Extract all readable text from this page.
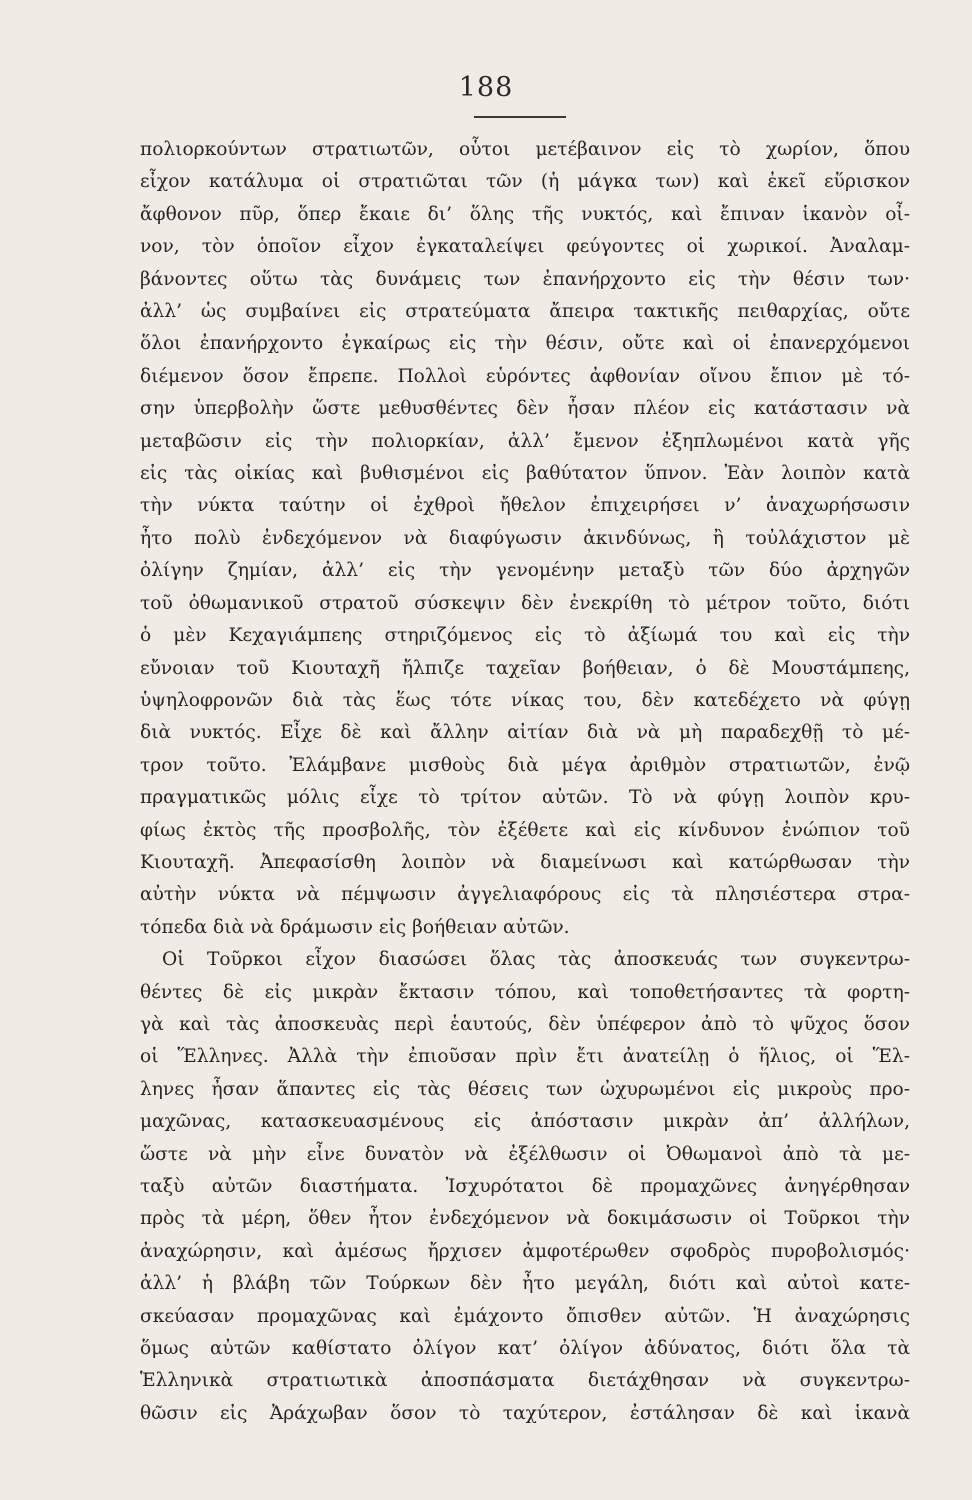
188
πολιορκούντων στρατιωτῶν, οὗτοι μετέβαινον εἰς τὸ χωρίον, ὅπου
εἶχον κατάλυμα οἱ στρατιῶται τῶν (ἡ μάγκα των) καὶ ἐκεῖ εὕρισκον
ἄφθονον πῦρ, ὅπερ ἔκαιε δι’ ὅλης τῆς νυκτός, καὶ ἔπιναν ἱκανὸν οἶ-
νον, τὸν ὁποῖον εἶχον ἐγκαταλείψει φεύγοντες οἱ χωρικοί. Ἀναλαμ-
βάνοντες οὕτω τὰς δυνάμεις των ἐπανήρχοντο εἰς τὴν θέσιν των·
ἀλλ’ ὡς συμβαίνει εἰς στρατεύματα ἄπειρα τακτικῆς πειθαρχίας, οὔτε
ὅλοι ἐπανήρχοντο ἐγκαίρως εἰς τὴν θέσιν, οὔτε καὶ οἱ ἐπανερχόμενοι
διέμενον ὅσον ἔπρεπε. Πολλοὶ εὑρόντες ἀφθονίαν οἴνου ἔπιον μὲ τό-
σην ὑπερβολὴν ὥστε μεθυσθέντες δὲν ἦσαν πλέον εἰς κατάστασιν νὰ
μεταβῶσιν εἰς τὴν πολιορκίαν, ἀλλ’ ἔμενον ἐξηπλωμένοι κατὰ γῆς
εἰς τὰς οἰκίας καὶ βυθισμένοι εἰς βαθύτατον ὕπνον. Ἐὰν λοιπὸν κατὰ
τὴν νύκτα ταύτην οἱ ἐχθροὶ ἤθελον ἐπιχειρήσει ν’ ἀναχωρήσωσιν
ἦτο πολὺ ἐνδεχόμενον νὰ διαφύγωσιν ἀκινδύνως, ἢ τοὐλάχιστον μὲ
ὀλίγην ζημίαν, ἀλλ’ εἰς τὴν γενομένην μεταξὺ τῶν δύο ἀρχηγῶν
τοῦ ὀθωμανικοῦ στρατοῦ σύσκεψιν δὲν ἐνεκρίθη τὸ μέτρον τοῦτο, διότι
ὁ μὲν Κεχαγιάμπεης στηριζόμενος εἰς τὸ ἀξίωμά του καὶ εἰς τὴν
εὔνοιαν τοῦ Κιουταχῆ ἤλπιζε ταχεῖαν βοήθειαν, ὁ δὲ Μουστάμπεης,
ὑψηλοφρονῶν διὰ τὰς ἕως τότε νίκας του, δὲν κατεδέχετο νὰ φύγῃ
διὰ νυκτός. Εἶχε δὲ καὶ ἄλλην αἰτίαν διὰ νὰ μὴ παραδεχθῇ τὸ μέ-
τρον τοῦτο. Ἐλάμβανε μισθοὺς διὰ μέγα ἀριθμὸν στρατιωτῶν, ἐνῷ
πραγματικῶς μόλις εἶχε τὸ τρίτον αὐτῶν. Τὸ νὰ φύγῃ λοιπὸν κρυ-
φίως ἐκτὸς τῆς προσβολῆς, τὸν ἐξέθετε καὶ εἰς κίνδυνον ἐνώπιον τοῦ
Κιουταχῆ. Ἀπεφασίσθη λοιπὸν νὰ διαμείνωσι καὶ κατώρθωσαν τὴν
αὐτὴν νύκτα νὰ πέμψωσιν ἀγγελιαφόρους εἰς τὰ πλησιέστερα στρα-
τόπεδα διὰ νὰ δράμωσιν εἰς βοήθειαν αὐτῶν.
Οἱ Τοῦρκοι εἶχον διασώσει ὅλας τὰς ἀποσκευάς των συγκεντρω-
θέντες δὲ εἰς μικρὰν ἔκτασιν τόπου, καὶ τοποθετήσαντες τὰ φορτη-
γὰ καὶ τὰς ἀποσκευὰς περὶ ἑαυτούς, δὲν ὑπέφερον ἀπὸ τὸ ψῦχος ὅσον
οἱ Ἕλληνες. Ἀλλὰ τὴν ἐπιοῦσαν πρὶν ἔτι ἀνατείλῃ ὁ ἥλιος, οἱ Ἕλ-
ληνες ἦσαν ἅπαντες εἰς τὰς θέσεις των ὠχυρωμένοι εἰς μικροὺς προ-
μαχῶνας, κατασκευασμένους εἰς ἀπόστασιν μικρὰν ἀπ’ ἀλλήλων,
ὥστε νὰ μὴν εἶνε δυνατὸν νὰ ἐξέλθωσιν οἱ Ὀθωμανοὶ ἀπὸ τὰ με-
ταξὺ αὐτῶν διαστήματα. Ἰσχυρότατοι δὲ προμαχῶνες ἀνηγέρθησαν
πρὸς τὰ μέρη, ὅθεν ἦτον ἐνδεχόμενον νὰ δοκιμάσωσιν οἱ Τοῦρκοι τὴν
ἀναχώρησιν, καὶ ἀμέσως ἤρχισεν ἀμφοτέρωθεν σφοδρὸς πυροβολισμός·
ἀλλ’ ἡ βλάβη τῶν Τούρκων δὲν ἦτο μεγάλη, διότι καὶ αὐτοὶ κατε-
σκεύασαν προμαχῶνας καὶ ἐμάχοντο ὄπισθεν αὐτῶν. Ἡ ἀναχώρησις
ὅμως αὐτῶν καθίστατο ὀλίγον κατ’ ὀλίγον ἀδύνατος, διότι ὅλα τὰ
Ἑλληνικὰ στρατιωτικὰ ἀποσπάσματα διετάχθησαν νὰ συγκεντρω-
θῶσιν εἰς Ἀράχωβαν ὅσον τὸ ταχύτερον, ἐστάλησαν δὲ καὶ ἱκανὰ
